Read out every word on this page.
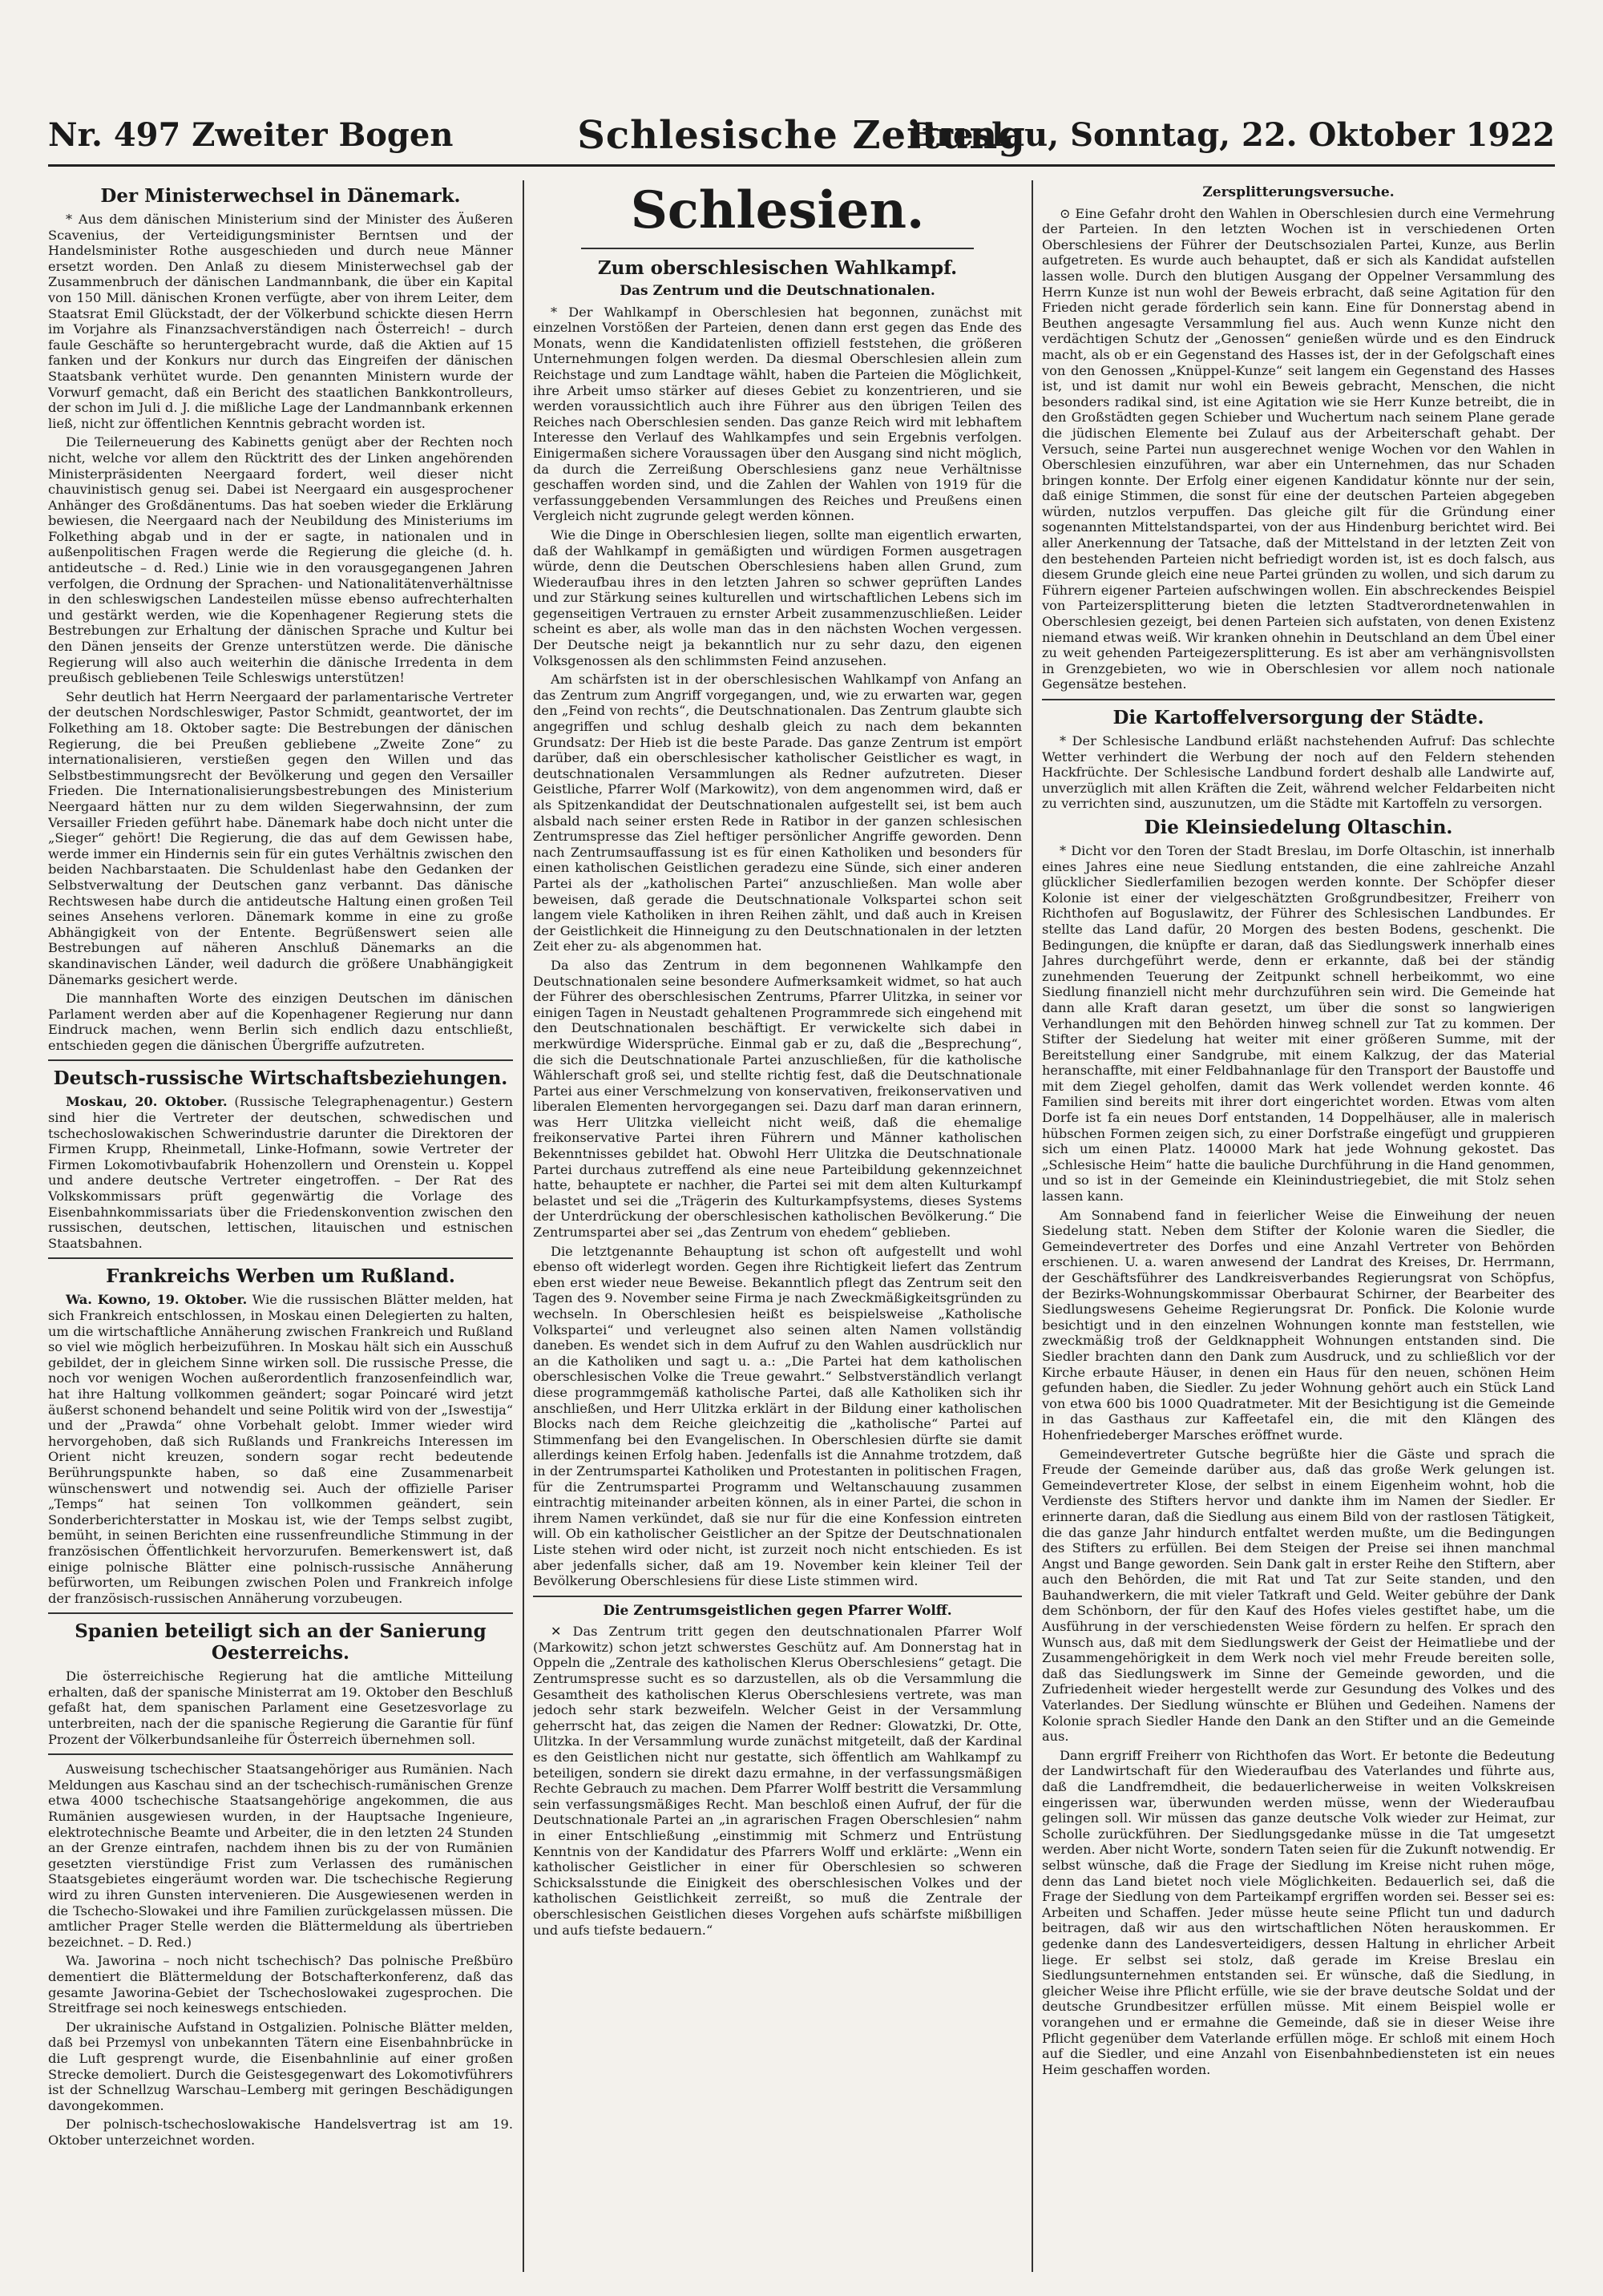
Nr. 497 Zweiter Bogen	Schlesische Zeitung
Breslau, Sonntag, 22. Oktober 1922
Der Ministerwechsel in Dänemark.

* Aus dem dänischen Ministerium sind der Minister des Äußeren Scavenius, der Verteidigungsminister Berntsen und der Handelsminister Rothe ausgeschieden und durch neue Männer ersetzt worden. Den Anlaß zu diesem Ministerwechsel gab der Zusammenbruch der dänischen Landmannbank, die über ein Kapital von 150 Mill. dänischen Kronen verfügte, aber von ihrem Leiter, dem Staatsrat Emil Glückstadt, der der Völkerbund schickte diesen Herrn im Vorjahre als Finanzsachverständigen nach Österreich! – durch faule Geschäfte so heruntergebracht wurde, daß die Aktien auf 15 fanken und der Konkurs nur durch das Eingreifen der dänischen Staatsbank verhütet wurde. Den genannten Ministern wurde der Vorwurf gemacht, daß ein Bericht des staatlichen Bankkontrolleurs, der schon im Juli d. J. die mißliche Lage der Landmannbank erkennen ließ, nicht zur öffentlichen Kenntnis gebracht worden ist.

Die Teilerneuerung des Kabinetts genügt aber der Rechten noch nicht, welche vor allem den Rücktritt des der Linken angehörenden Ministerpräsidenten Neergaard fordert, weil dieser nicht chauvinistisch genug sei. Dabei ist Neergaard ein ausgesprochener Anhänger des Großdänentums. Das hat soeben wieder die Erklärung bewiesen, die Neergaard nach der Neubildung des Ministeriums im Folkething abgab und in der er sagte, in nationalen und in außenpolitischen Fragen werde die Regierung die gleiche (d. h. antideutsche – d. Red.) Linie wie in den vorausgegangenen Jahren verfolgen, die Ordnung der Sprachen- und Nationalitätenverhältnisse in den schleswigschen Landesteilen müsse ebenso aufrechterhalten und gestärkt werden, wie die Kopenhagener Regierung stets die Bestrebungen zur Erhaltung der dänischen Sprache und Kultur bei den Dänen jenseits der Grenze unterstützen werde. Die dänische Regierung will also auch weiterhin die dänische Irredenta in dem preußisch gebliebenen Teile Schleswigs unterstützen!

Sehr deutlich hat Herrn Neergaard der parlamentarische Vertreter der deutschen Nordschleswiger, Pastor Schmidt, geantwortet, der im Folkething am 18. Oktober sagte: Die Bestrebungen der dänischen Regierung, die bei Preußen gebliebene „Zweite Zone“ zu internationalisieren, verstießen gegen den Willen und das Selbstbestimmungsrecht der Bevölkerung und gegen den Versailler Frieden. Die Internationalisierungsbestrebungen des Ministerium Neergaard hätten nur zu dem wilden Siegerwahnsinn, der zum Versailler Frieden geführt habe. Dänemark habe doch nicht unter die „Sieger“ gehört! Die Regierung, die das auf dem Gewissen habe, werde immer ein Hindernis sein für ein gutes Verhältnis zwischen den beiden Nachbarstaaten. Die Schuldenlast habe den Gedanken der Selbstverwaltung der Deutschen ganz verbannt. Das dänische Rechtswesen habe durch die antideutsche Haltung einen großen Teil seines Ansehens verloren. Dänemark komme in eine zu große Abhängigkeit von der Entente. Begrüßenswert seien alle Bestrebungen auf näheren Anschluß Dänemarks an die skandinavischen Länder, weil dadurch die größere Unabhängigkeit Dänemarks gesichert werde.

Die mannhaften Worte des einzigen Deutschen im dänischen Parlament werden aber auf die Kopenhagener Regierung nur dann Eindruck machen, wenn Berlin sich endlich dazu entschließt, entschieden gegen die dänischen Übergriffe aufzutreten.

Deutsch-russische Wirtschaftsbeziehungen.

Moskau, 20. Oktober. (Russische Telegraphenagentur.) Gestern sind hier die Vertreter der deutschen, schwedischen und tschechoslowakischen Schwerindustrie darunter die Direktoren der Firmen Krupp, Rheinmetall, Linke-Hofmann, sowie Vertreter der Firmen Lokomotivbaufabrik Hohenzollern und Orenstein u. Koppel und andere deutsche Vertreter eingetroffen. – Der Rat des Volkskommissars prüft gegenwärtig die Vorlage des Eisenbahnkommissariats über die Friedenskonvention zwischen den russischen, deutschen, lettischen, litauischen und estnischen Staatsbahnen.

Frankreichs Werben um Rußland.

Wa. Kowno, 19. Oktober. Wie die russischen Blätter melden, hat sich Frankreich entschlossen, in Moskau einen Delegierten zu halten, um die wirtschaftliche Annäherung zwischen Frankreich und Rußland so viel wie möglich herbeizuführen. In Moskau hält sich ein Ausschuß gebildet, der in gleichem Sinne wirken soll. Die russische Presse, die noch vor wenigen Wochen außerordentlich franzosenfeindlich war, hat ihre Haltung vollkommen geändert; sogar Poincaré wird jetzt äußerst schonend behandelt und seine Politik wird von der „Iswestija“ und der „Prawda“ ohne Vorbehalt gelobt. Immer wieder wird hervorgehoben, daß sich Rußlands und Frankreichs Interessen im Orient nicht kreuzen, sondern sogar recht bedeutende Berührungspunkte haben, so daß eine Zusammenarbeit wünschenswert und notwendig sei. Auch der offizielle Pariser „Temps“ hat seinen Ton vollkommen geändert, sein Sonderberichterstatter in Moskau ist, wie der Temps selbst zugibt, bemüht, in seinen Berichten eine russenfreundliche Stimmung in der französischen Öffentlichkeit hervorzurufen. Bemerkenswert ist, daß einige polnische Blätter eine polnisch-russische Annäherung befürworten, um Reibungen zwischen Polen und Frankreich infolge der französisch-russischen Annäherung vorzubeugen.

Spanien beteiligt sich an der Sanierung Oesterreichs.

Die österreichische Regierung hat die amtliche Mitteilung erhalten, daß der spanische Ministerrat am 19. Oktober den Beschluß gefaßt hat, dem spanischen Parlament eine Gesetzesvorlage zu unterbreiten, nach der die spanische Regierung die Garantie für fünf Prozent der Völkerbundsanleihe für Österreich übernehmen soll.

Ausweisung tschechischer Staatsangehöriger aus Rumänien. Nach Meldungen aus Kaschau sind an der tschechisch-rumänischen Grenze etwa 4000 tschechische Staatsangehörige angekommen, die aus Rumänien ausgewiesen wurden, in der Hauptsache Ingenieure, elektrotechnische Beamte und Arbeiter, die in den letzten 24 Stunden an der Grenze eintrafen, nachdem ihnen bis zu der von Rumänien gesetzten vierstündige Frist zum Verlassen des rumänischen Staatsgebietes eingeräumt worden war. Die tschechische Regierung wird zu ihren Gunsten intervenieren. Die Ausgewiesenen werden in die Tschecho-Slowakei und ihre Familien zurückgelassen müssen. Die amtlicher Prager Stelle werden die Blättermeldung als übertrieben bezeichnet. – D. Red.)

Wa. Jaworina – noch nicht tschechisch? Das polnische Preßbüro dementiert die Blättermeldung der Botschafterkonferenz, daß das gesamte Jaworina-Gebiet der Tschechoslowakei zugesprochen. Die Streitfrage sei noch keineswegs entschieden.

Der ukrainische Aufstand in Ostgalizien. Polnische Blätter melden, daß bei Przemysl von unbekannten Tätern eine Eisenbahnbrücke in die Luft gesprengt wurde, die Eisenbahnlinie auf einer großen Strecke demoliert. Durch die Geistesgegenwart des Lokomotivführers ist der Schnellzug Warschau–Lemberg mit geringen Beschädigungen davongekommen.

Der polnisch-tschechoslowakische Handelsvertrag ist am 19. Oktober unterzeichnet worden.

Schlesien.
Zum oberschlesischen Wahlkampf.
Das Zentrum und die Deutschnationalen.

* Der Wahlkampf in Oberschlesien hat begonnen, zunächst mit einzelnen Vorstößen der Parteien, denen dann erst gegen das Ende des Monats, wenn die Kandidatenlisten offiziell feststehen, die größeren Unternehmungen folgen werden. Da diesmal Oberschlesien allein zum Reichstage und zum Landtage wählt, haben die Parteien die Möglichkeit, ihre Arbeit umso stärker auf dieses Gebiet zu konzentrieren, und sie werden voraussichtlich auch ihre Führer aus den übrigen Teilen des Reiches nach Oberschlesien senden. Das ganze Reich wird mit lebhaftem Interesse den Verlauf des Wahlkampfes und sein Ergebnis verfolgen. Einigermaßen sichere Voraussagen über den Ausgang sind nicht möglich, da durch die Zerreißung Oberschlesiens ganz neue Verhältnisse geschaffen worden sind, und die Zahlen der Wahlen von 1919 für die verfassunggebenden Versammlungen des Reiches und Preußens einen Vergleich nicht zugrunde gelegt werden können.

Wie die Dinge in Oberschlesien liegen, sollte man eigentlich erwarten, daß der Wahlkampf in gemäßigten und würdigen Formen ausgetragen würde, denn die Deutschen Oberschlesiens haben allen Grund, zum Wiederaufbau ihres in den letzten Jahren so schwer geprüften Landes und zur Stärkung seines kulturellen und wirtschaftlichen Lebens sich im gegenseitigen Vertrauen zu ernster Arbeit zusammenzuschließen. Leider scheint es aber, als wolle man das in den nächsten Wochen vergessen. Der Deutsche neigt ja bekanntlich nur zu sehr dazu, den eigenen Volksgenossen als den schlimmsten Feind anzusehen.

Am schärfsten ist in der oberschlesischen Wahlkampf von Anfang an das Zentrum zum Angriff vorgegangen, und, wie zu erwarten war, gegen den „Feind von rechts“, die Deutschnationalen. Das Zentrum glaubte sich angegriffen und schlug deshalb gleich zu nach dem bekannten Grundsatz: Der Hieb ist die beste Parade. Das ganze Zentrum ist empört darüber, daß ein oberschlesischer katholischer Geistlicher es wagt, in deutschnationalen Versammlungen als Redner aufzutreten. Dieser Geistliche, Pfarrer Wolf (Markowitz), von dem angenommen wird, daß er als Spitzenkandidat der Deutschnationalen aufgestellt sei, ist bem auch alsbald nach seiner ersten Rede in Ratibor in der ganzen schlesischen Zentrumspresse das Ziel heftiger persönlicher Angriffe geworden. Denn nach Zentrumsauffassung ist es für einen Katholiken und besonders für einen katholischen Geistlichen geradezu eine Sünde, sich einer anderen Partei als der „katholischen Partei“ anzuschließen. Man wolle aber beweisen, daß gerade die Deutschnationale Volkspartei schon seit langem viele Katholiken in ihren Reihen zählt, und daß auch in Kreisen der Geistlichkeit die Hinneigung zu den Deutschnationalen in der letzten Zeit eher zu- als abgenommen hat.

Da also das Zentrum in dem begonnenen Wahlkampfe den Deutschnationalen seine besondere Aufmerksamkeit widmet, so hat auch der Führer des oberschlesischen Zentrums, Pfarrer Ulitzka, in seiner vor einigen Tagen in Neustadt gehaltenen Programmrede sich eingehend mit den Deutschnationalen beschäftigt. Er verwickelte sich dabei in merkwürdige Widersprüche. Einmal gab er zu, daß die „Besprechung“, die sich die Deutschnationale Partei anzuschließen, für die katholische Wählerschaft groß sei, und stellte richtig fest, daß die Deutschnationale Partei aus einer Verschmelzung von konservativen, freikonservativen und liberalen Elementen hervorgegangen sei. Dazu darf man daran erinnern, was Herr Ulitzka vielleicht nicht weiß, daß die ehemalige freikonservative Partei ihren Führern und Männer katholischen Bekenntnisses gebildet hat. Obwohl Herr Ulitzka die Deutschnationale Partei durchaus zutreffend als eine neue Parteibildung gekennzeichnet hatte, behauptete er nachher, die Partei sei mit dem alten Kulturkampf belastet und sei die „Trägerin des Kulturkampfsystems, dieses Systems der Unterdrückung der oberschlesischen katholischen Bevölkerung.“ Die Zentrumspartei aber sei „das Zentrum von ehedem“ geblieben.

Die letztgenannte Behauptung ist schon oft aufgestellt und wohl ebenso oft widerlegt worden. Gegen ihre Richtigkeit liefert das Zentrum eben erst wieder neue Beweise. Bekanntlich pflegt das Zentrum seit den Tagen des 9. November seine Firma je nach Zweckmäßigkeitsgründen zu wechseln. In Oberschlesien heißt es beispielsweise „Katholische Volkspartei“ und verleugnet also seinen alten Namen vollständig daneben. Es wendet sich in dem Aufruf zu den Wahlen ausdrücklich nur an die Katholiken und sagt u. a.: „Die Partei hat dem katholischen oberschlesischen Volke die Treue gewahrt.“ Selbstverständlich verlangt diese programmgemäß katholische Partei, daß alle Katholiken sich ihr anschließen, und Herr Ulitzka erklärt in der Bildung einer katholischen Blocks nach dem Reiche gleichzeitig die „katholische“ Partei auf Stimmenfang bei den Evangelischen. In Oberschlesien dürfte sie damit allerdings keinen Erfolg haben. Jedenfalls ist die Annahme trotzdem, daß in der Zentrumspartei Katholiken und Protestanten in politischen Fragen, für die Zentrumspartei Programm und Weltanschauung zusammen eintrachtig miteinander arbeiten können, als in einer Partei, die schon in ihrem Namen verkündet, daß sie nur für die eine Konfession eintreten will. Ob ein katholischer Geistlicher an der Spitze der Deutschnationalen Liste stehen wird oder nicht, ist zurzeit noch nicht entschieden. Es ist aber jedenfalls sicher, daß am 19. November kein kleiner Teil der Bevölkerung Oberschlesiens für diese Liste stimmen wird.

Die Zentrumsgeistlichen gegen Pfarrer Wolff.

✕ Das Zentrum tritt gegen den deutschnationalen Pfarrer Wolf (Markowitz) schon jetzt schwerstes Geschütz auf. Am Donnerstag hat in Oppeln die „Zentrale des katholischen Klerus Oberschlesiens“ getagt. Die Zentrumspresse sucht es so darzustellen, als ob die Versammlung die Gesamtheit des katholischen Klerus Oberschlesiens vertrete, was man jedoch sehr stark bezweifeln. Welcher Geist in der Versammlung geherrscht hat, das zeigen die Namen der Redner: Glowatzki, Dr. Otte, Ulitzka. In der Versammlung wurde zunächst mitgeteilt, daß der Kardinal es den Geistlichen nicht nur gestatte, sich öffentlich am Wahlkampf zu beteiligen, sondern sie direkt dazu ermahne, in der verfassungsmäßigen Rechte Gebrauch zu machen. Dem Pfarrer Wolff bestritt die Versammlung sein verfassungsmäßiges Recht. Man beschloß einen Aufruf, der für die Deutschnationale Partei an „in agrarischen Fragen Oberschlesien“ nahm in einer Entschließung „einstimmig mit Schmerz und Entrüstung Kenntnis von der Kandidatur des Pfarrers Wolff und erklärte: „Wenn ein katholischer Geistlicher in einer für Oberschlesien so schweren Schicksalsstunde die Einigkeit des oberschlesischen Volkes und der katholischen Geistlichkeit zerreißt, so muß die Zentrale der oberschlesischen Geistlichen dieses Vorgehen aufs schärfste mißbilligen und aufs tiefste bedauern.“

Zersplitterungsversuche.

⊙ Eine Gefahr droht den Wahlen in Oberschlesien durch eine Vermehrung der Parteien. In den letzten Wochen ist in verschiedenen Orten Oberschlesiens der Führer der Deutschsozialen Partei, Kunze, aus Berlin aufgetreten. Es wurde auch behauptet, daß er sich als Kandidat aufstellen lassen wolle. Durch den blutigen Ausgang der Oppelner Versammlung des Herrn Kunze ist nun wohl der Beweis erbracht, daß seine Agitation für den Frieden nicht gerade förderlich sein kann. Eine für Donnerstag abend in Beuthen angesagte Versammlung fiel aus. Auch wenn Kunze nicht den verdächtigen Schutz der „Genossen“ genießen würde und es den Eindruck macht, als ob er ein Gegenstand des Hasses ist, der in der Gefolgschaft eines von den Genossen „Knüppel-Kunze“ seit langem ein Gegenstand des Hasses ist, und ist damit nur wohl ein Beweis gebracht, Menschen, die nicht besonders radikal sind, ist eine Agitation wie sie Herr Kunze betreibt, die in den Großstädten gegen Schieber und Wuchertum nach seinem Plane gerade die jüdischen Elemente bei Zulauf aus der Arbeiterschaft gehabt. Der Versuch, seine Partei nun ausgerechnet wenige Wochen vor den Wahlen in Oberschlesien einzuführen, war aber ein Unternehmen, das nur Schaden bringen konnte. Der Erfolg einer eigenen Kandidatur könnte nur der sein, daß einige Stimmen, die sonst für eine der deutschen Parteien abgegeben würden, nutzlos verpuffen. Das gleiche gilt für die Gründung einer sogenannten Mittelstandspartei, von der aus Hindenburg berichtet wird. Bei aller Anerkennung der Tatsache, daß der Mittelstand in der letzten Zeit von den bestehenden Parteien nicht befriedigt worden ist, ist es doch falsch, aus diesem Grunde gleich eine neue Partei gründen zu wollen, und sich darum zu Führern eigener Parteien aufschwingen wollen. Ein abschreckendes Beispiel von Parteizersplitterung bieten die letzten Stadtverordnetenwahlen in Oberschlesien gezeigt, bei denen Parteien sich aufstaten, von denen Existenz niemand etwas weiß. Wir kranken ohnehin in Deutschland an dem Übel einer zu weit gehenden Parteigezersplitterung. Es ist aber am verhängnisvollsten in Grenzgebieten, wo wie in Oberschlesien vor allem noch nationale Gegensätze bestehen.

Die Kartoffelversorgung der Städte.

* Der Schlesische Landbund erläßt nachstehenden Aufruf: Das schlechte Wetter verhindert die Werbung der noch auf den Feldern stehenden Hackfrüchte. Der Schlesische Landbund fordert deshalb alle Landwirte auf, unverzüglich mit allen Kräften die Zeit, während welcher Feldarbeiten nicht zu verrichten sind, auszunutzen, um die Städte mit Kartoffeln zu versorgen.

Die Kleinsiedelung Oltaschin.

* Dicht vor den Toren der Stadt Breslau, im Dorfe Oltaschin, ist innerhalb eines Jahres eine neue Siedlung entstanden, die eine zahlreiche Anzahl glücklicher Siedlerfamilien bezogen werden konnte. Der Schöpfer dieser Kolonie ist einer der vielgeschätzten Großgrundbesitzer, Freiherr von Richthofen auf Boguslawitz, der Führer des Schlesischen Landbundes. Er stellte das Land dafür, 20 Morgen des besten Bodens, geschenkt. Die Bedingungen, die knüpfte er daran, daß das Siedlungswerk innerhalb eines Jahres durchgeführt werde, denn er erkannte, daß bei der ständig zunehmenden Teuerung der Zeitpunkt schnell herbeikommt, wo eine Siedlung finanziell nicht mehr durchzuführen sein wird. Die Gemeinde hat dann alle Kraft daran gesetzt, um über die sonst so langwierigen Verhandlungen mit den Behörden hinweg schnell zur Tat zu kommen. Der Stifter der Siedelung hat weiter mit einer größeren Summe, mit der Bereitstellung einer Sandgrube, mit einem Kalkzug, der das Material heranschaffte, mit einer Feldbahnanlage für den Transport der Baustoffe und mit dem Ziegel geholfen, damit das Werk vollendet werden konnte. 46 Familien sind bereits mit ihrer dort eingerichtet worden. Etwas vom alten Dorfe ist fa ein neues Dorf entstanden, 14 Doppelhäuser, alle in malerisch hübschen Formen zeigen sich, zu einer Dorfstraße eingefügt und gruppieren sich um einen Platz. 140000 Mark hat jede Wohnung gekostet. Das „Schlesische Heim“ hatte die bauliche Durchführung in die Hand genommen, und so ist in der Gemeinde ein Kleinindustriegebiet, die mit Stolz sehen lassen kann.

Am Sonnabend fand in feierlicher Weise die Einweihung der neuen Siedelung statt. Neben dem Stifter der Kolonie waren die Siedler, die Gemeindevertreter des Dorfes und eine Anzahl Vertreter von Behörden erschienen. U. a. waren anwesend der Landrat des Kreises, Dr. Herrmann, der Geschäftsführer des Landkreisverbandes Regierungsrat von Schöpfus, der Bezirks-Wohnungskommissar Oberbaurat Schirner, der Bearbeiter des Siedlungswesens Geheime Regierungsrat Dr. Ponfick. Die Kolonie wurde besichtigt und in den einzelnen Wohnungen konnte man feststellen, wie zweckmäßig troß der Geldknappheit Wohnungen entstanden sind. Die Siedler brachten dann den Dank zum Ausdruck, und zu schließlich vor der Kirche erbaute Häuser, in denen ein Haus für den neuen, schönen Heim gefunden haben, die Siedler. Zu jeder Wohnung gehört auch ein Stück Land von etwa 600 bis 1000 Quadratmeter. Mit der Besichtigung ist die Gemeinde in das Gasthaus zur Kaffeetafel ein, die mit den Klängen des Hohenfriedeberger Marsches eröffnet wurde.

Gemeindevertreter Gutsche begrüßte hier die Gäste und sprach die Freude der Gemeinde darüber aus, daß das große Werk gelungen ist. Gemeindevertreter Klose, der selbst in einem Eigenheim wohnt, hob die Verdienste des Stifters hervor und dankte ihm im Namen der Siedler. Er erinnerte daran, daß die Siedlung aus einem Bild von der rastlosen Tätigkeit, die das ganze Jahr hindurch entfaltet werden mußte, um die Bedingungen des Stifters zu erfüllen. Bei dem Steigen der Preise sei ihnen manchmal Angst und Bange geworden. Sein Dank galt in erster Reihe den Stiftern, aber auch den Behörden, die mit Rat und Tat zur Seite standen, und den Bauhandwerkern, die mit vieler Tatkraft und Geld. Weiter gebühre der Dank dem Schönborn, der für den Kauf des Hofes vieles gestiftet habe, um die Ausführung in der verschiedensten Weise fördern zu helfen. Er sprach den Wunsch aus, daß mit dem Siedlungswerk der Geist der Heimatliebe und der Zusammengehörigkeit in dem Werk noch viel mehr Freude bereiten solle, daß das Siedlungswerk im Sinne der Gemeinde geworden, und die Zufriedenheit wieder hergestellt werde zur Gesundung des Volkes und des Vaterlandes. Der Siedlung wünschte er Blühen und Gedeihen. Namens der Kolonie sprach Siedler Hande den Dank an den Stifter und an die Gemeinde aus.

Dann ergriff Freiherr von Richthofen das Wort. Er betonte die Bedeutung der Landwirtschaft für den Wiederaufbau des Vaterlandes und führte aus, daß die Landfremdheit, die bedauerlicherweise in weiten Volkskreisen eingerissen war, überwunden werden müsse, wenn der Wiederaufbau gelingen soll. Wir müssen das ganze deutsche Volk wieder zur Heimat, zur Scholle zurückführen. Der Siedlungsgedanke müsse in die Tat umgesetzt werden. Aber nicht Worte, sondern Taten seien für die Zukunft notwendig. Er selbst wünsche, daß die Frage der Siedlung im Kreise nicht ruhen möge, denn das Land bietet noch viele Möglichkeiten. Bedauerlich sei, daß die Frage der Siedlung von dem Parteikampf ergriffen worden sei. Besser sei es: Arbeiten und Schaffen. Jeder müsse heute seine Pflicht tun und dadurch beitragen, daß wir aus den wirtschaftlichen Nöten herauskommen. Er gedenke dann des Landesverteidigers, dessen Haltung in ehrlicher Arbeit liege. Er selbst sei stolz, daß gerade im Kreise Breslau ein Siedlungsunternehmen entstanden sei. Er wünsche, daß die Siedlung, in gleicher Weise ihre Pflicht erfülle, wie sie der brave deutsche Soldat und der deutsche Grundbesitzer erfüllen müsse. Mit einem Beispiel wolle er vorangehen und er ermahne die Gemeinde, daß sie in dieser Weise ihre Pflicht gegenüber dem Vaterlande erfüllen möge. Er schloß mit einem Hoch auf die Siedler, und eine Anzahl von Eisenbahnbediensteten ist ein neues Heim geschaffen worden.
